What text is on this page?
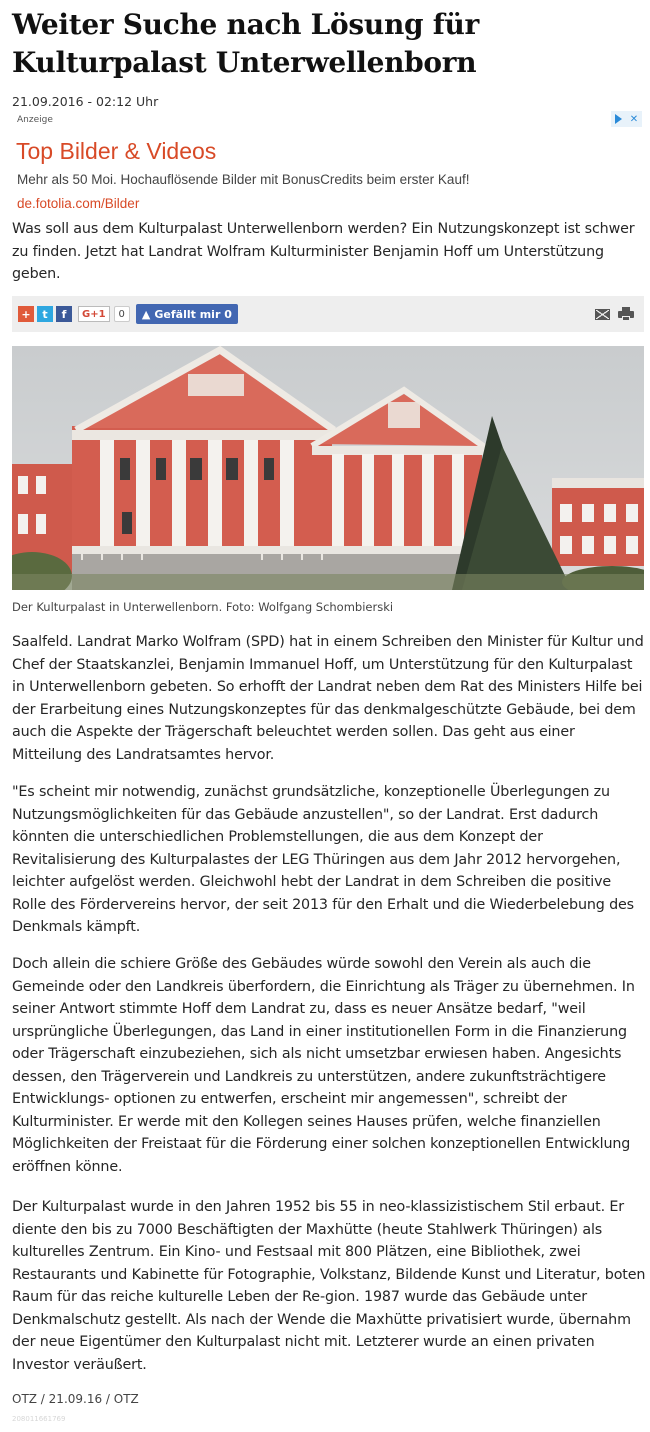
Weiter Suche nach Lösung für Kulturpalast Unterwellenborn
21.09.2016 - 02:12 Uhr
Anzeige	✕
Top Bilder & Videos
Mehr als 50 Moi. Hochauflösende Bilder mit BonusCredits beim erster Kauf!
de.fotolia.com/Bilder

Was soll aus dem Kulturpalast Unterwellenborn werden? Ein Nutzungskonzept ist schwer zu finden. Jetzt hat Landrat Wolfram Kulturminister Benjamin Hoff um Unterstützung geben.

+	t	f	G+1	0	▲ Gefällt mir 0
Der Kulturpalast in Unterwellenborn. Foto: Wolfgang Schombierski

Saalfeld. Landrat Marko Wolfram (SPD) hat in einem Schreiben den Minister für Kultur und Chef der Staatskanzlei, Benjamin Immanuel Hoff, um Unterstützung für den Kulturpalast in Unterwellenborn gebeten. So erhofft der Landrat neben dem Rat des Ministers Hilfe bei der Erarbeitung eines Nutzungskonzeptes für das denkmalgeschützte Gebäude, bei dem auch die Aspekte der Trägerschaft beleuchtet werden sollen. Das geht aus einer Mitteilung des Landratsamtes hervor.

"Es scheint mir notwendig, zunächst grundsätzliche, konzeptionelle Überlegungen zu Nutzungsmöglichkeiten für das Gebäude anzustellen", so der Landrat. Erst dadurch könnten die unterschiedlichen Problemstellungen, die aus dem Konzept der Revitalisierung des Kulturpalastes der LEG Thüringen aus dem Jahr 2012 hervorgehen, leichter aufgelöst werden. Gleichwohl hebt der Landrat in dem Schreiben die positive Rolle des Fördervereins hervor, der seit 2013 für den Erhalt und die Wiederbelebung des Denkmals kämpft.

Doch allein die schiere Größe des Gebäudes würde sowohl den Verein als auch die Gemeinde oder den Landkreis überfordern, die Einrichtung als Träger zu übernehmen. In seiner Antwort stimmte Hoff dem Landrat zu, dass es neuer Ansätze bedarf, "weil ursprüngliche Überlegungen, das Land in einer institutionellen Form in die Finanzierung oder Trägerschaft einzubeziehen, sich als nicht umsetzbar erwiesen haben. Angesichts dessen, den Trägerverein und Landkreis zu unterstützen, andere zukunftsträchtigere Entwicklungs- optionen zu entwerfen, erscheint mir angemessen", schreibt der Kulturminister. Er werde mit den Kollegen seines Hauses prüfen, welche finanziellen Möglichkeiten der Freistaat für die Förderung einer solchen konzeptionellen Entwicklung eröffnen könne.

Der Kulturpalast wurde in den Jahren 1952 bis 55 in neo-klassizistischem Stil erbaut. Er diente den bis zu 7000 Beschäftigten der Maxhütte (heute Stahlwerk Thüringen) als kulturelles Zentrum. Ein Kino- und Festsaal mit 800 Plätzen, eine Bibliothek, zwei Restaurants und Kabinette für Fotographie, Volkstanz, Bildende Kunst und Literatur, boten Raum für das reiche kulturelle Leben der Re-gion. 1987 wurde das Gebäude unter Denkmalschutz gestellt. Als nach der Wende die Maxhütte privatisiert wurde, übernahm der neue Eigentümer den Kulturpalast nicht mit. Letzterer wurde an einen privaten Investor veräußert.

OTZ / 21.09.16 / OTZ
208011661769
